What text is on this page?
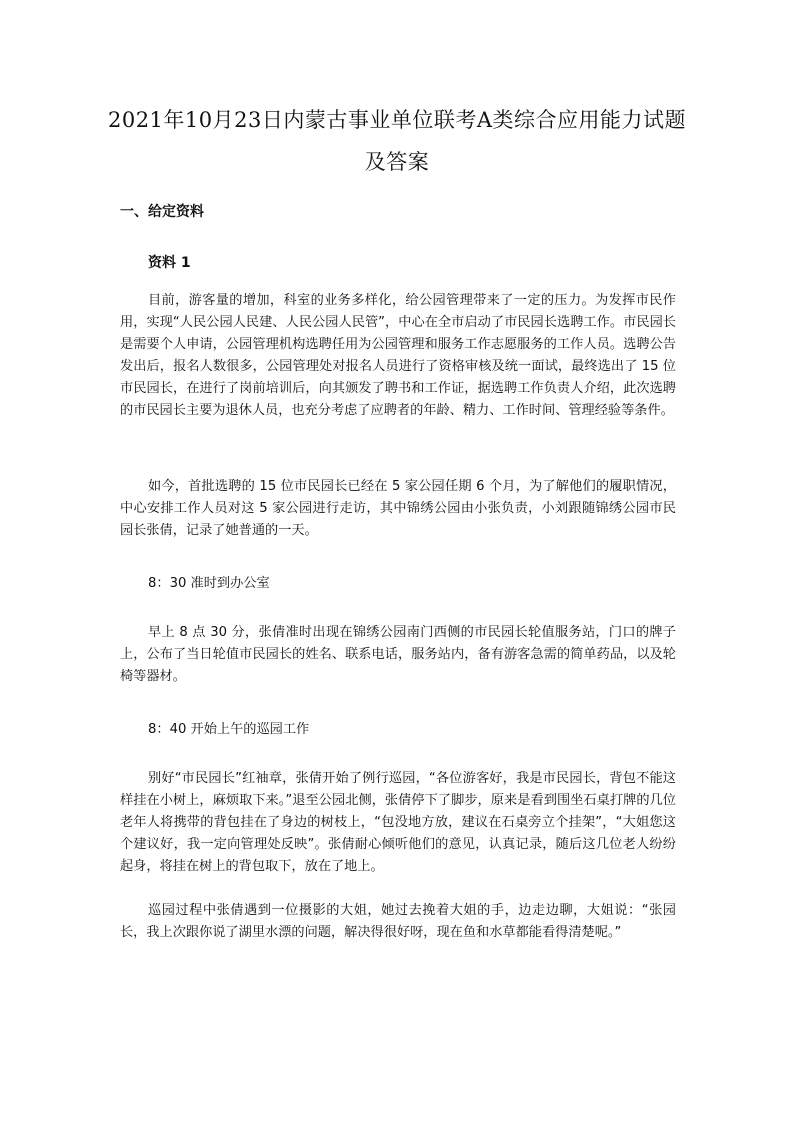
2021年10月23日内蒙古事业单位联考A类综合应用能力试题
及答案
一、给定资料
资料 1
目前，游客量的增加，科室的业务多样化，给公园管理带来了一定的压力。为发挥市民作用，实现“人民公园人民建、人民公园人民管”，中心在全市启动了市民园长选聘工作。市民园长是需要个人申请，公园管理机构选聘任用为公园管理和服务工作志愿服务的工作人员。选聘公告发出后，报名人数很多，公园管理处对报名人员进行了资格审核及统一面试，最终选出了 15 位市民园长，在进行了岗前培训后，向其颁发了聘书和工作证，据选聘工作负责人介绍，此次选聘的市民园长主要为退休人员，也充分考虑了应聘者的年龄、精力、工作时间、管理经验等条件。
如今，首批选聘的 15 位市民园长已经在 5 家公园任期 6 个月，为了解他们的履职情况，中心安排工作人员对这 5 家公园进行走访，其中锦绣公园由小张负责，小刘跟随锦绣公园市民园长张倩，记录了她普通的一天。
8：30 准时到办公室
早上 8 点 30 分，张倩准时出现在锦绣公园南门西侧的市民园长轮值服务站，门口的牌子上，公布了当日轮值市民园长的姓名、联系电话，服务站内，备有游客急需的简单药品，以及轮椅等器材。
8：40 开始上午的巡园工作
别好“市民园长”红袖章，张倩开始了例行巡园，“各位游客好，我是市民园长，背包不能这样挂在小树上，麻烦取下来。”退至公园北侧，张倩停下了脚步，原来是看到围坐石桌打牌的几位老年人将携带的背包挂在了身边的树枝上，“包没地方放，建议在石桌旁立个挂架”，“大姐您这个建议好，我一定向管理处反映”。张倩耐心倾听他们的意见，认真记录，随后这几位老人纷纷起身，将挂在树上的背包取下，放在了地上。
巡园过程中张倩遇到一位摄影的大姐，她过去挽着大姐的手，边走边聊，大姐说：“张园长，我上次跟你说了湖里水漂的问题，解决得很好呀，现在鱼和水草都能看得清楚呢。”
